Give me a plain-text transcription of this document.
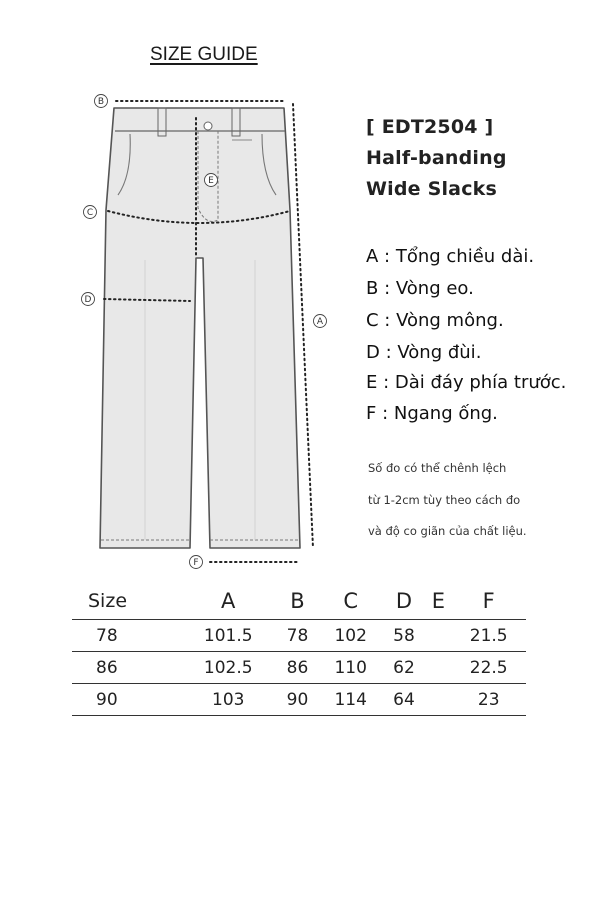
SIZE GUIDE
B
E
C
D
A
F
[ EDT2504 ]
Half-banding
Wide Slacks
A : Tổng chiều dài.
B : Vòng eo.
C : Vòng mông.
D : Vòng đùi.
E : Dài đáy phía trước.
F : Ngang ống.
Số đo có thể chênh lệch
từ 1-2cm tùy theo cách đo
và độ co giãn của chất liệu.
Size	A	B	C	D	E	F
78	101.5	78	102	58		21.5
86	102.5	86	110	62		22.5
90	103	90	114	64		23
